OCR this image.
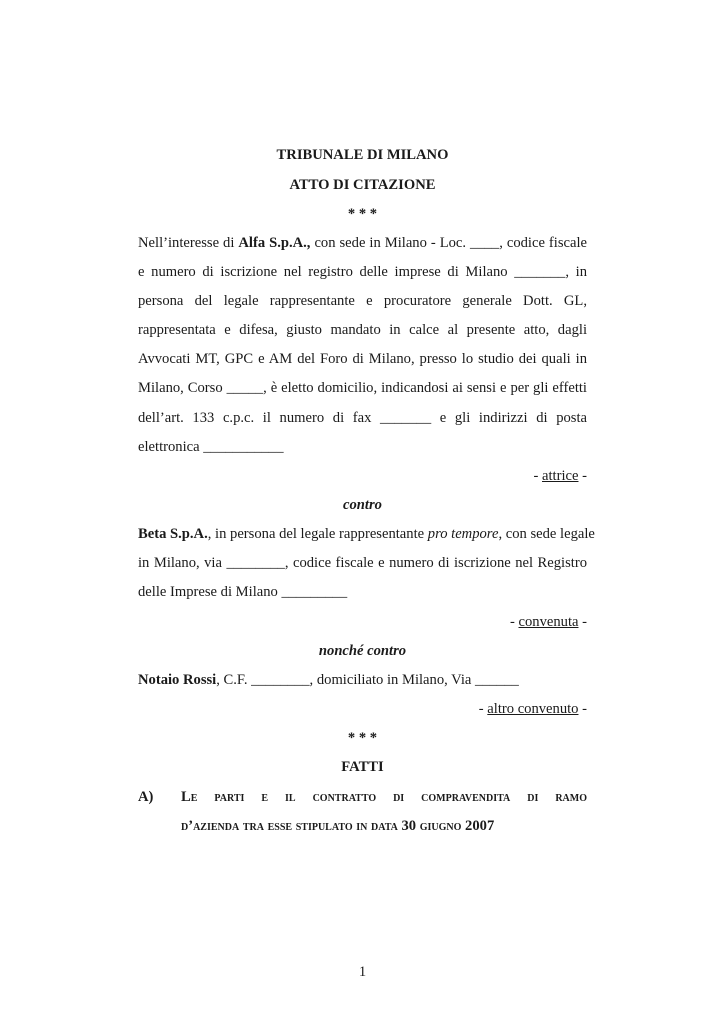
TRIBUNALE DI MILANO
ATTO DI CITAZIONE
* * *
Nell’interesse di Alfa S.p.A., con sede in Milano - Loc. ____, codice fiscale
e numero di iscrizione nel registro delle imprese di Milano _______, in
persona del legale rappresentante e procuratore generale Dott. GL,
rappresentata e difesa, giusto mandato in calce al presente atto, dagli
Avvocati MT, GPC e AM del Foro di Milano, presso lo studio dei quali in
Milano, Corso _____, è eletto domicilio, indicandosi ai sensi e per gli effetti
dell’art. 133 c.p.c. il numero di fax _______ e gli indirizzi di posta
elettronica ___________
- attrice -
contro
Beta S.p.A., in persona del legale rappresentante pro tempore, con sede legale
in Milano, via ________, codice fiscale e numero di iscrizione nel Registro
delle Imprese di Milano _________
- convenuta -
nonché contro
Notaio Rossi, C.F. ________, domiciliato in Milano, Via ______
- altro convenuto -
* * *
FATTI
A) Le parti e il contratto di compravendita di ramo
d’azienda tra esse stipulato in data 30 giugno 2007
1
